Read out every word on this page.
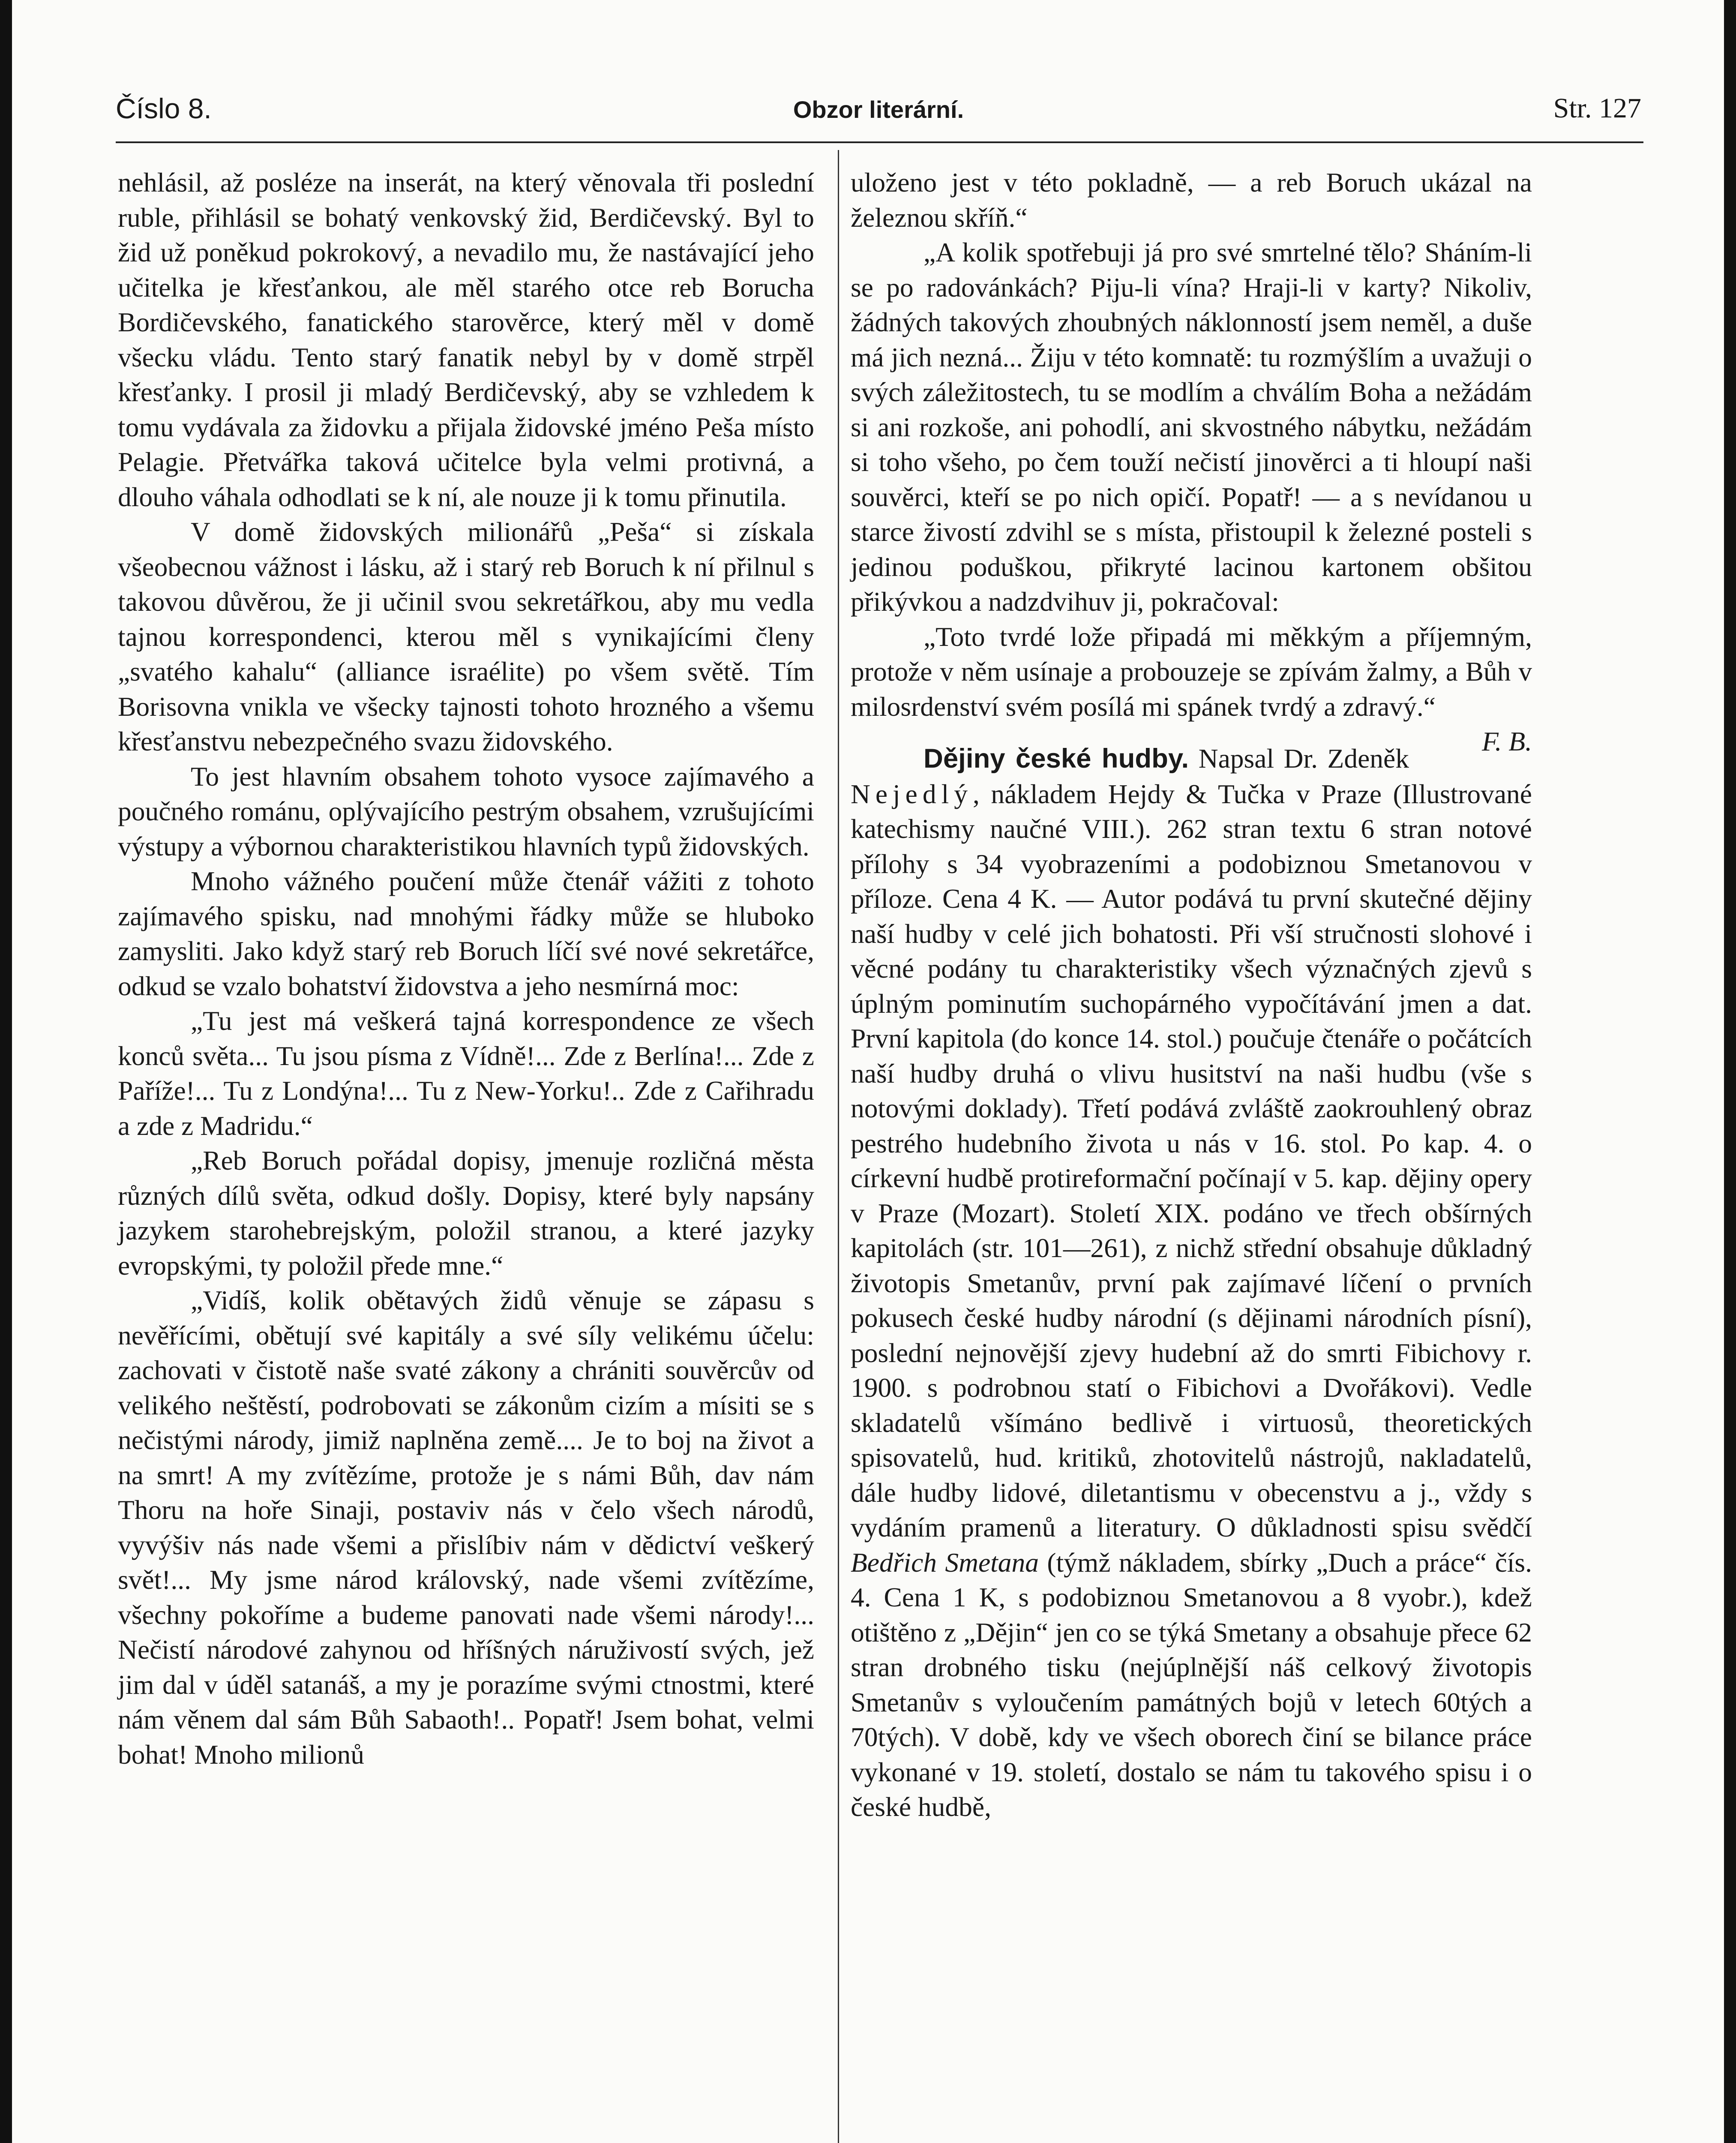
Číslo 8.	Obzor literární.	Str. 127

nehlásil, až posléze na inserát, na který věnovala tři poslední ruble, přihlásil se bohatý venkovský žid, Berdičevský. Byl to žid už poněkud pokrokový, a nevadilo mu, že nastávající jeho učitelka je křesťankou, ale měl starého otce reb Borucha Bordičevského, fanatického starověrce, který měl v domě všecku vládu. Tento starý fanatik nebyl by v domě strpěl křesťanky. I prosil ji mladý Berdičevský, aby se vzhledem k tomu vydávala za židovku a přijala židovské jméno Peša místo Pelagie. Přetvářka taková učitelce byla velmi protivná, a dlouho váhala odhodlati se k ní, ale nouze ji k tomu přinutila.

V domě židovských milionářů „Peša“ si získala všeobecnou vážnost i lásku, až i starý reb Boruch k ní přilnul s takovou důvěrou, že ji učinil svou sekretářkou, aby mu vedla tajnou korrespondenci, kterou měl s vynikajícími členy „svatého kahalu“ (alliance israélite) po všem světě. Tím Borisovna vnikla ve všecky tajnosti tohoto hrozného a všemu křesťanstvu nebezpečného svazu židovského.

To jest hlavním obsahem tohoto vysoce zajímavého a poučného románu, oplývajícího pestrým obsahem, vzrušujícími výstupy a výbornou charakteristikou hlavních typů židovských.

Mnoho vážného poučení může čtenář vážiti z tohoto zajímavého spisku, nad mnohými řádky může se hluboko zamysliti. Jako když starý reb Boruch líčí své nové sekretářce, odkud se vzalo bohatství židovstva a jeho nesmírná moc:

„Tu jest má veškerá tajná korrespondence ze všech konců světa... Tu jsou písma z Vídně!... Zde z Berlína!... Zde z Paříže!... Tu z Londýna!... Tu z New-Yorku!.. Zde z Cařihradu a zde z Madridu.“

„Reb Boruch pořádal dopisy, jmenuje rozličná města různých dílů světa, odkud došly. Dopisy, které byly napsány jazykem starohebrejským, položil stranou, a které jazyky evropskými, ty položil přede mne.“

„Vidíš, kolik obětavých židů věnuje se zápasu s nevěřícími, obětují své kapitály a své síly velikému účelu: zachovati v čistotě naše svaté zákony a chrániti souvěrcův od velikého neštěstí, podrobovati se zákonům cizím a mísiti se s nečistými národy, jimiž naplněna země.... Je to boj na život a na smrt! A my zvítězíme, protože je s námi Bůh, dav nám Thoru na hoře Sinaji, postaviv nás v čelo všech národů, vyvýšiv nás nade všemi a přislíbiv nám v dědictví veškerý svět!... My jsme národ královský, nade všemi zvítězíme, všechny pokoříme a budeme panovati nade všemi národy!... Nečistí národové zahynou od hříšných náruživostí svých, jež jim dal v úděl satanáš, a my je porazíme svými ctnostmi, které nám věnem dal sám Bůh Sabaoth!.. Popatř! Jsem bohat, velmi bohat! Mnoho milionů

uloženo jest v této pokladně, — a reb Boruch ukázal na železnou skříň.“

„A kolik spotřebuji já pro své smrtelné tělo? Sháním-li se po radovánkách? Piju-li vína? Hraji-li v karty? Nikoliv, žádných takových zhoubných náklonností jsem neměl, a duše má jich nezná... Žiju v této komnatě: tu rozmýšlím a uvažuji o svých záležitostech, tu se modlím a chválím Boha a nežádám si ani rozkoše, ani pohodlí, ani skvostného nábytku, nežádám si toho všeho, po čem touží nečistí jinověrci a ti hloupí naši souvěrci, kteří se po nich opičí. Popatř! — a s nevídanou u starce živostí zdvihl se s místa, přistoupil k železné posteli s jedinou poduškou, přikryté lacinou kartonem obšitou přikývkou a nadzdvihuv ji, pokračoval:

„Toto tvrdé lože připadá mi měkkým a příjemným, protože v něm usínaje a probouzeje se zpívám žalmy, a Bůh v milosrdenství svém posílá mi spánek tvrdý a zdravý.“
F. B.

Dějiny české hudby. Napsal Dr. Zdeněk Nejedlý, nákladem Hejdy & Tučka v Praze (Illustrované katechismy naučné VIII.). 262 stran textu 6 stran notové přílohy s 34 vyobrazeními a podobiznou Smetanovou v příloze. Cena 4 K. — Autor podává tu první skutečné dějiny naší hudby v celé jich bohatosti. Při vší stručnosti slohové i věcné podány tu charakteristiky všech význačných zjevů s úplným pominutím suchopárného vypočítávání jmen a dat. První kapitola (do konce 14. stol.) poučuje čtenáře o počátcích naší hudby druhá o vlivu husitství na naši hudbu (vše s notovými doklady). Třetí podává zvláště zaokrouhlený obraz pestrého hudebního života u nás v 16. stol. Po kap. 4. o církevní hudbě protireformační počínají v 5. kap. dějiny opery v Praze (Mozart). Století XIX. podáno ve třech obšírných kapitolách (str. 101—261), z nichž střední obsahuje důkladný životopis Smetanův, první pak zajímavé líčení o prvních pokusech české hudby národní (s dějinami národních písní), poslední nejnovější zjevy hudební až do smrti Fibichovy r. 1900. s podrobnou statí o Fibichovi a Dvořákovi). Vedle skladatelů všímáno bedlivě i virtuosů, theoretických spisovatelů, hud. kritiků, zhotovitelů nástrojů, nakladatelů, dále hudby lidové, diletantismu v obecenstvu a j., vždy s vydáním pramenů a literatury. O důkladnosti spisu svědčí Bedřich Smetana (týmž nákladem, sbírky „Duch a práce“ čís. 4. Cena 1 K, s podobiznou Smetanovou a 8 vyobr.), kdež otištěno z „Dějin“ jen co se týká Smetany a obsahuje přece 62 stran drobného tisku (nejúplnější náš celkový životopis Smetanův s vyloučením památných bojů v letech 60tých a 70tých). V době, kdy ve všech oborech činí se bilance práce vykonané v 19. století, dostalo se nám tu takového spisu i o české hudbě,
